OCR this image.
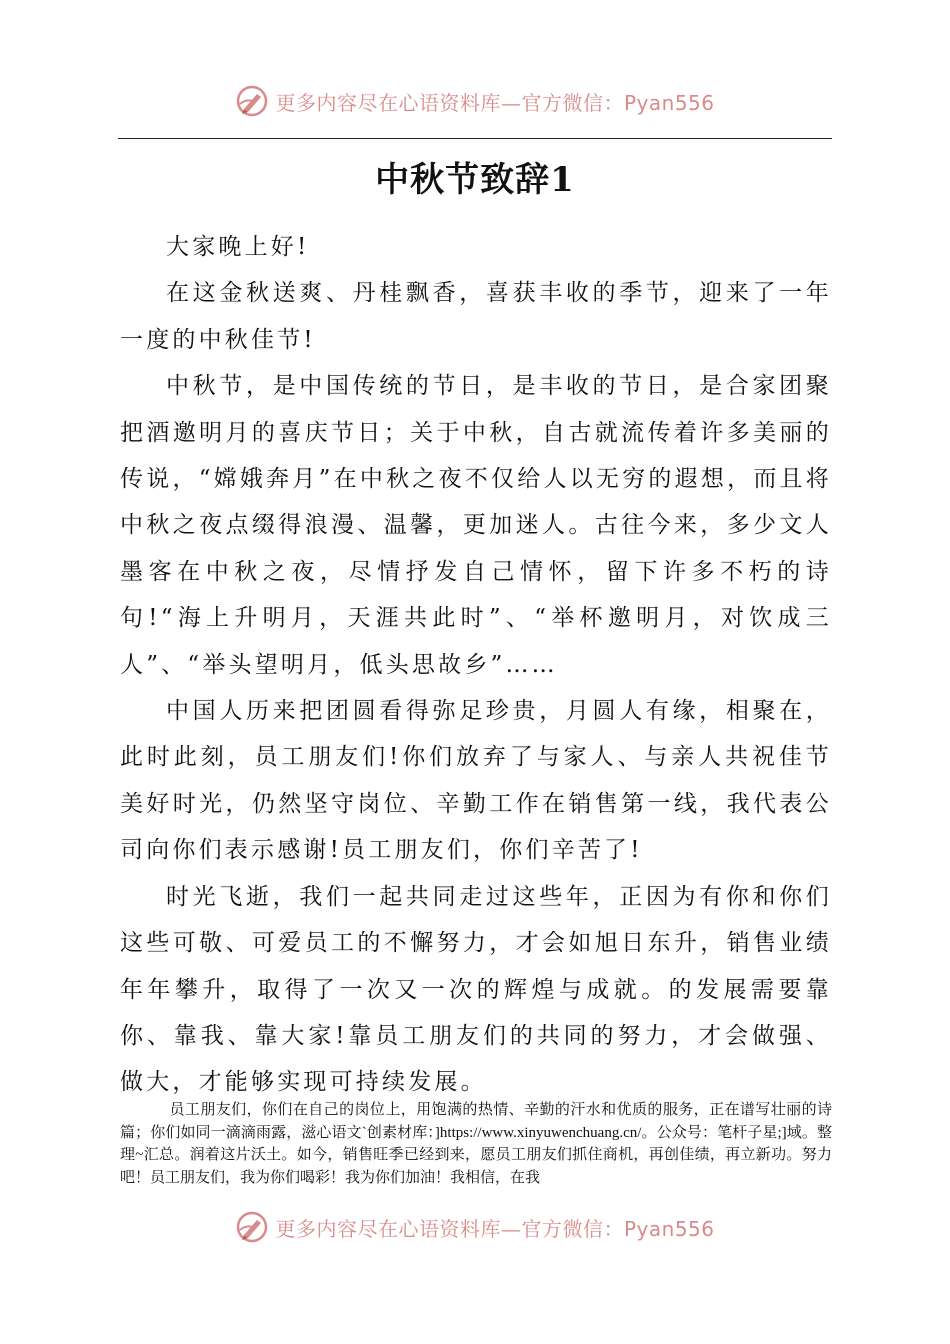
更多内容尽在心语资料库—官方微信：Pyan556
中秋节致辞1

大家晚上好!

在这金秋送爽、丹桂飘香，喜获丰收的季节，迎来了一年一度的中秋佳节!

中秋节，是中国传统的节日，是丰收的节日，是合家团聚把酒邀明月的喜庆节日；关于中秋，自古就流传着许多美丽的传说，“嫦娥奔月”在中秋之夜不仅给人以无穷的遐想，而且将中秋之夜点缀得浪漫、温馨，更加迷人。古往今来，多少文人墨客在中秋之夜，尽情抒发自己情怀，留下许多不朽的诗句!“海上升明月，天涯共此时”、“举杯邀明月，对饮成三人”、“举头望明月，低头思故乡”……

中国人历来把团圆看得弥足珍贵，月圆人有缘，相聚在，此时此刻，员工朋友们!你们放弃了与家人、与亲人共祝佳节美好时光，仍然坚守岗位、辛勤工作在销售第一线，我代表公司向你们表示感谢!员工朋友们，你们辛苦了!

时光飞逝，我们一起共同走过这些年，正因为有你和你们这些可敬、可爱员工的不懈努力，才会如旭日东升，销售业绩年年攀升，取得了一次又一次的辉煌与成就。的发展需要靠你、靠我、靠大家!靠员工朋友们的共同的努力，才会做强、做大，才能够实现可持续发展。

员工朋友们，你们在自己的岗位上，用饱满的热情、辛勤的汗水和优质的服务，正在谱写壮丽的诗篇；你们如同一滴滴雨露，滋心语文`创素材库：]https://www.xinyuwenchuang.cn/。公众号：笔杆子星;]域。整理~汇总。润着这片沃土。如今，销售旺季已经到来，愿员工朋友们抓住商机，再创佳绩，再立新功。努力吧！员工朋友们，我为你们喝彩！我为你们加油！我相信，在我

更多内容尽在心语资料库—官方微信：Pyan556
